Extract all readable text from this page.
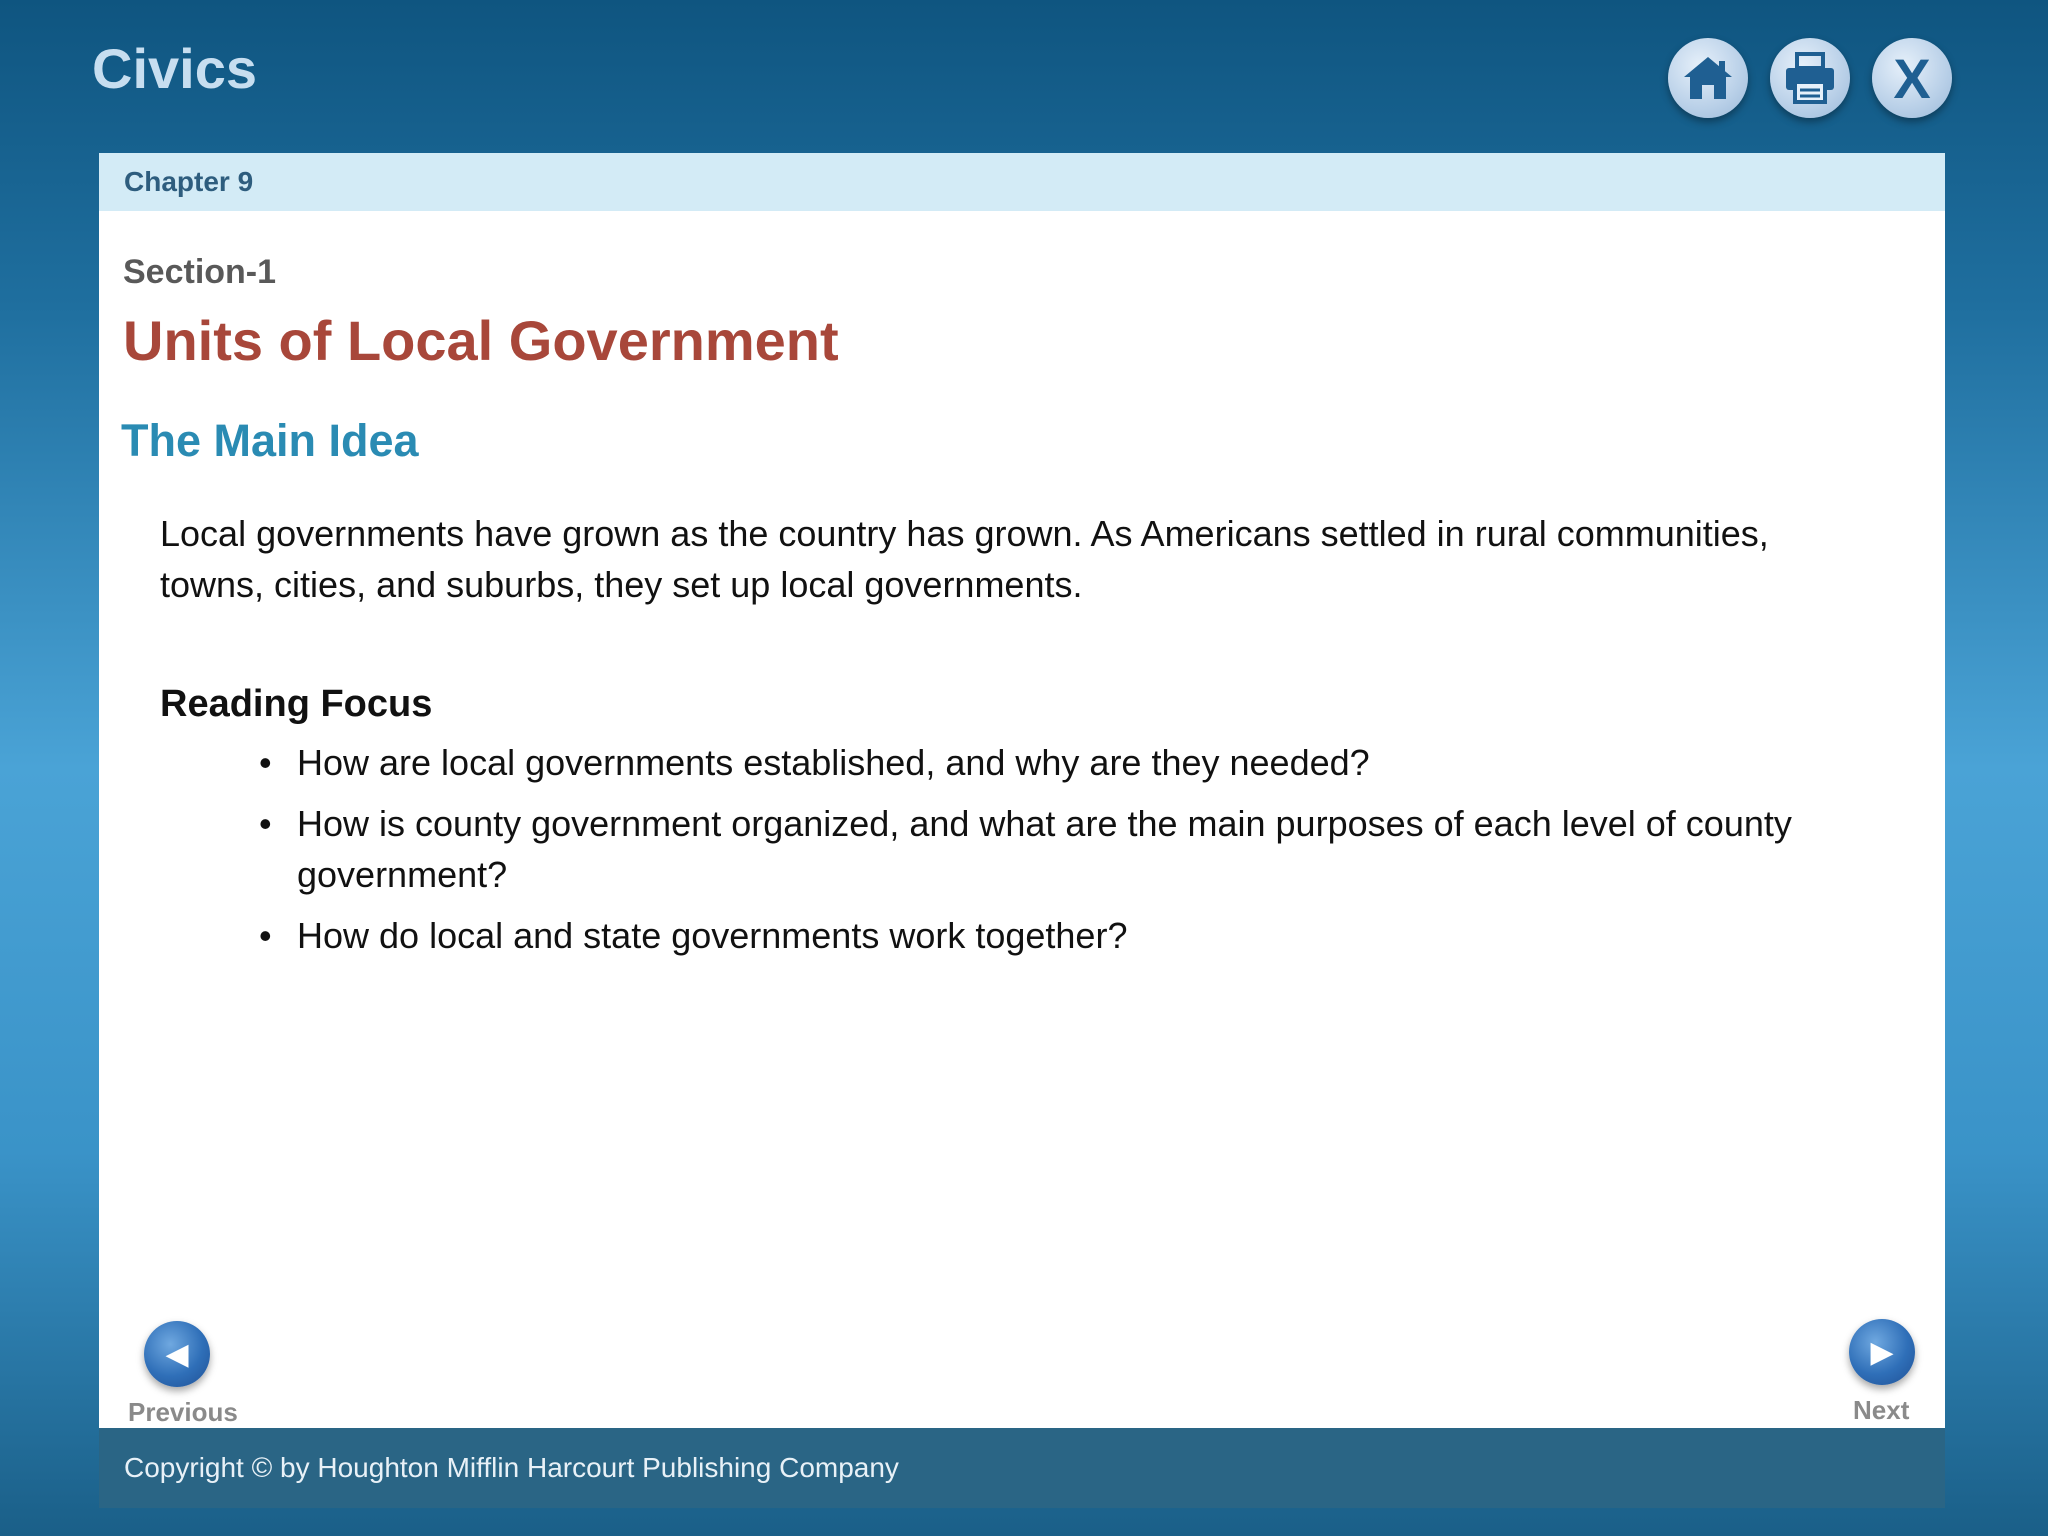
Civics	X
Chapter 9
Section-1
Units of Local Government
The Main Idea
Local governments have grown as the country has grown. As Americans settled in rural communities, towns, cities, and suburbs, they set up local governments.
Reading Focus
• How are local governments established, and why are they needed?
• How is county government organized, and what are the main purposes of each level of county government?
• How do local and state governments work together?
◀
Previous
▶
Next
Copyright © by Houghton Mifflin Harcourt Publishing Company
